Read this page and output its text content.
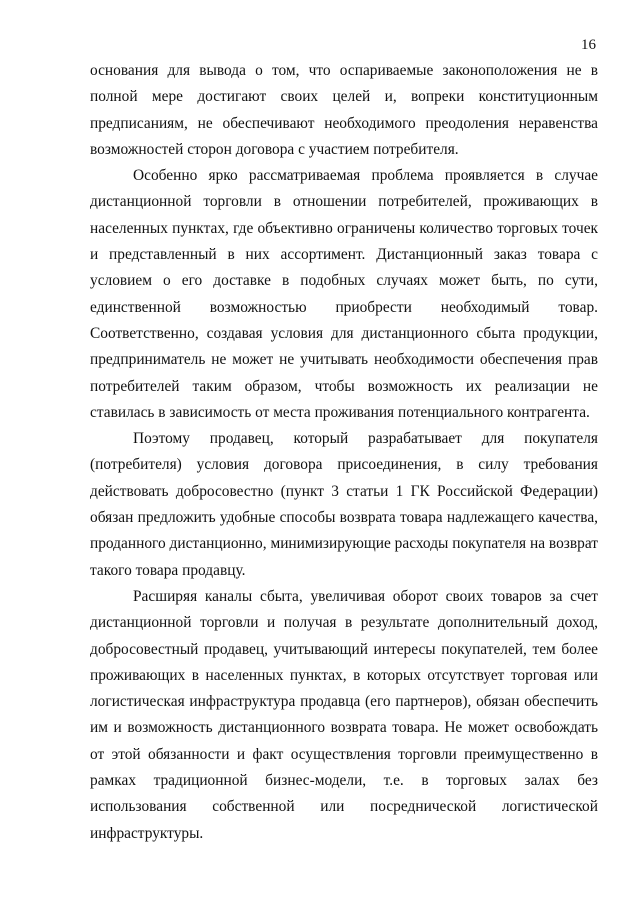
16

основания для вывода о том, что оспариваемые законоположения не в полной мере достигают своих целей и, вопреки конституционным предписаниям, не обеспечивают необходимого преодоления неравенства возможностей сторон договора с участием потребителя.

Особенно ярко рассматриваемая проблема проявляется в случае дистанционной торговли в отношении потребителей, проживающих в населенных пунктах, где объективно ограничены количество торговых точек и представленный в них ассортимент. Дистанционный заказ товара с условием о его доставке в подобных случаях может быть, по сути, единственной возможностью приобрести необходимый товар. Соответственно, создавая условия для дистанционного сбыта продукции, предприниматель не может не учитывать необходимости обеспечения прав потребителей таким образом, чтобы возможность их реализации не ставилась в зависимость от места проживания потенциального контрагента.

Поэтому продавец, который разрабатывает для покупателя (потребителя) условия договора присоединения, в силу требования действовать добросовестно (пункт 3 статьи 1 ГК Российской Федерации) обязан предложить удобные способы возврата товара надлежащего качества, проданного дистанционно, минимизирующие расходы покупателя на возврат такого товара продавцу.

Расширяя каналы сбыта, увеличивая оборот своих товаров за счет дистанционной торговли и получая в результате дополнительный доход, добросовестный продавец, учитывающий интересы покупателей, тем более проживающих в населенных пунктах, в которых отсутствует торговая или логистическая инфраструктура продавца (его партнеров), обязан обеспечить им и возможность дистанционного возврата товара. Не может освобождать от этой обязанности и факт осуществления торговли преимущественно в рамках традиционной бизнес-модели, т.е. в торговых залах без использования собственной или посреднической логистической инфраструктуры.
